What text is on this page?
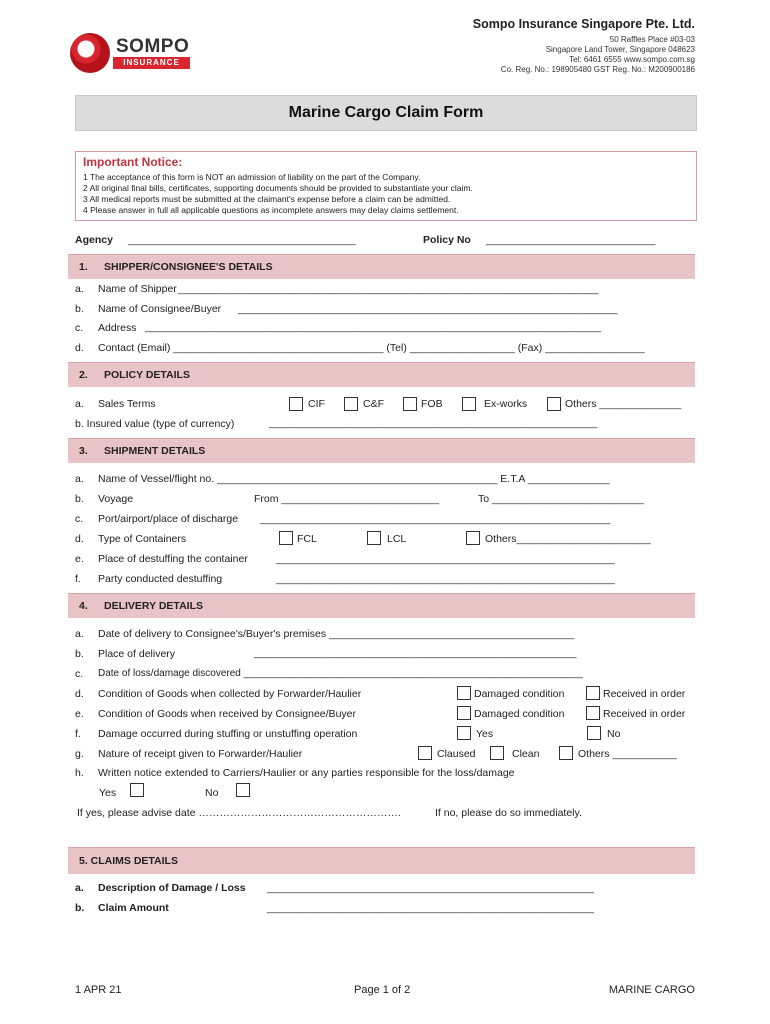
SOMPO
INSURANCE
Sompo Insurance Singapore Pte. Ltd.
50 Raffles Place #03-03
Singapore Land Tower, Singapore 048623
Tel: 6461 6555 www.sompo.com.sg
Co. Reg. No.: 198905480 GST Reg. No.: M200900186
Marine Cargo Claim Form
Important Notice:
1 The acceptance of this form is NOT an admission of liability on the part of the Company.
2 All original final bills, certificates, supporting documents should be provided to substantiate your claim.
3 All medical reports must be submitted at the claimant's expense before a claim can be admitted.
4 Please answer in full all applicable questions as incomplete answers may delay claims settlement.
Agency _______________________________________	Policy No _____________________________
1. SHIPPER/CONSIGNEE'S DETAILS
a. Name of Shipper ________________________________________________________________________
b. Name of Consignee/Buyer _________________________________________________________________
c. Address __________________________________________________________________________________
d. Contact (Email) ____________________________________ (Tel) __________________ (Fax) _________________
2. POLICY DETAILS
a. Sales Terms	CIF	C&F	FOB	Ex-works	Others ______________
b. Insured value (type of currency)	___________________________________________________________
3. SHIPMENT DETAILS
a. Name of Vessel/flight no. ________________________________________________ E.T.A ______________
b. Voyage	From ___________________________	To __________________________
c. Port/airport/place of discharge ____________________________________________________________
d. Type of Containers	FCL	LCL	Others_______________________
e. Place of destuffing the container	__________________________________________________________
f. Party conducted destuffing	__________________________________________________________
4. DELIVERY DETAILS
a. Date of delivery to Consignee's/Buyer's premises __________________________________________
b. Place of delivery	__________________________________________________________
c. Date of loss/damage discovered _____________________________________________________________
d. Condition of Goods when collected by Forwarder/Haulier	Damaged condition	Received in order
e. Condition of Goods when received by Consignee/Buyer	Damaged condition	Received in order
f. Damage occurred during stuffing or unstuffing operation	Yes	No
g. Nature of receipt given to Forwarder/Haulier	Claused	Clean	Others ___________
h. Written notice extended to Carriers/Haulier or any parties responsible for the loss/damage
Yes	No
If yes, please advise date ………………………………………………….	If no, please do so immediately.
5. CLAIMS DETAILS
a. Description of Damage / Loss ________________________________________________________
b. Claim Amount	________________________________________________________
1 APR 21	Page 1 of 2	MARINE CARGO
